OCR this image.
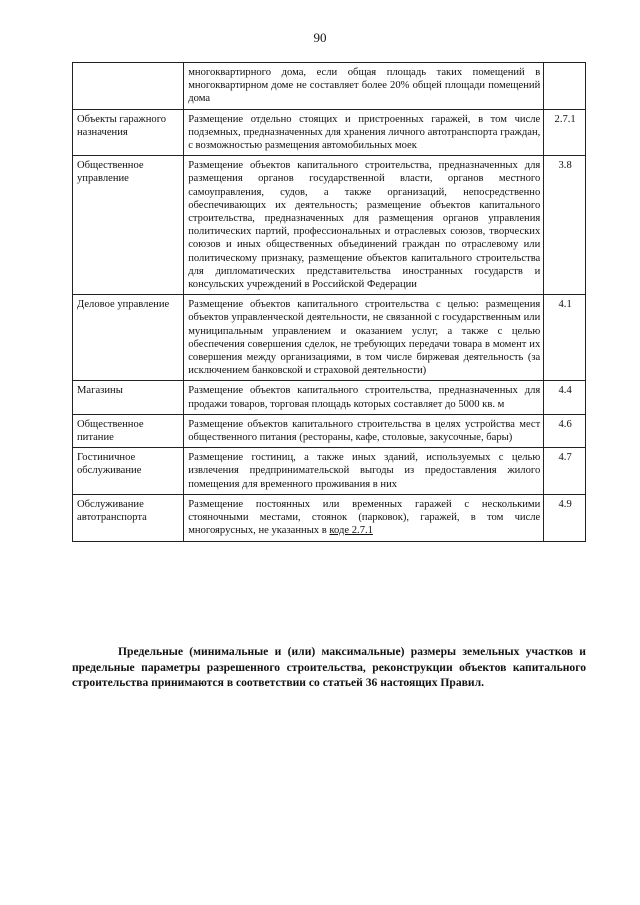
90
	многоквартирного дома, если общая площадь таких помещений в многоквартирном доме не составляет более 20% общей площади помещений дома	
Объекты гаражного назначения	Размещение отдельно стоящих и пристроенных гаражей, в том числе подземных, предназначенных для хранения личного автотранспорта граждан, с возможностью размещения автомобильных моек	2.7.1
Общественное управление	Размещение объектов капитального строительства, предназначенных для размещения органов государственной власти, органов местного самоуправления, судов, а также организаций, непосредственно обеспечивающих их деятельность; размещение объектов капитального строительства, предназначенных для размещения органов управления политических партий, профессиональных и отраслевых союзов, творческих союзов и иных общественных объединений граждан по отраслевому или политическому признаку, размещение объектов капитального строительства для дипломатических представительства иностранных государств и консульских учреждений в Российской Федерации	3.8
Деловое управление	Размещение объектов капитального строительства с целью: размещения объектов управленческой деятельности, не связанной с государственным или муниципальным управлением и оказанием услуг, а также с целью обеспечения совершения сделок, не требующих передачи товара в момент их совершения между организациями, в том числе биржевая деятельность (за исключением банковской и страховой деятельности)	4.1
Магазины	Размещение объектов капитального строительства, предназначенных для продажи товаров, торговая площадь которых составляет до 5000 кв. м	4.4
Общественное питание	Размещение объектов капитального строительства в целях устройства мест общественного питания (рестораны, кафе, столовые, закусочные, бары)	4.6
Гостиничное обслуживание	Размещение гостиниц, а также иных зданий, используемых с целью извлечения предпринимательской выгоды из предоставления жилого помещения для временного проживания в них	4.7
Обслуживание автотранспорта	Размещение постоянных или временных гаражей с несколькими стояночными местами, стоянок (парковок), гаражей, в том числе многоярусных, не указанных в коде 2.7.1	4.9
Предельные (минимальные и (или) максимальные) размеры земельных участков и предельные параметры разрешенного строительства, реконструкции объектов капитального строительства принимаются в соответствии со статьей 36 настоящих Правил.
